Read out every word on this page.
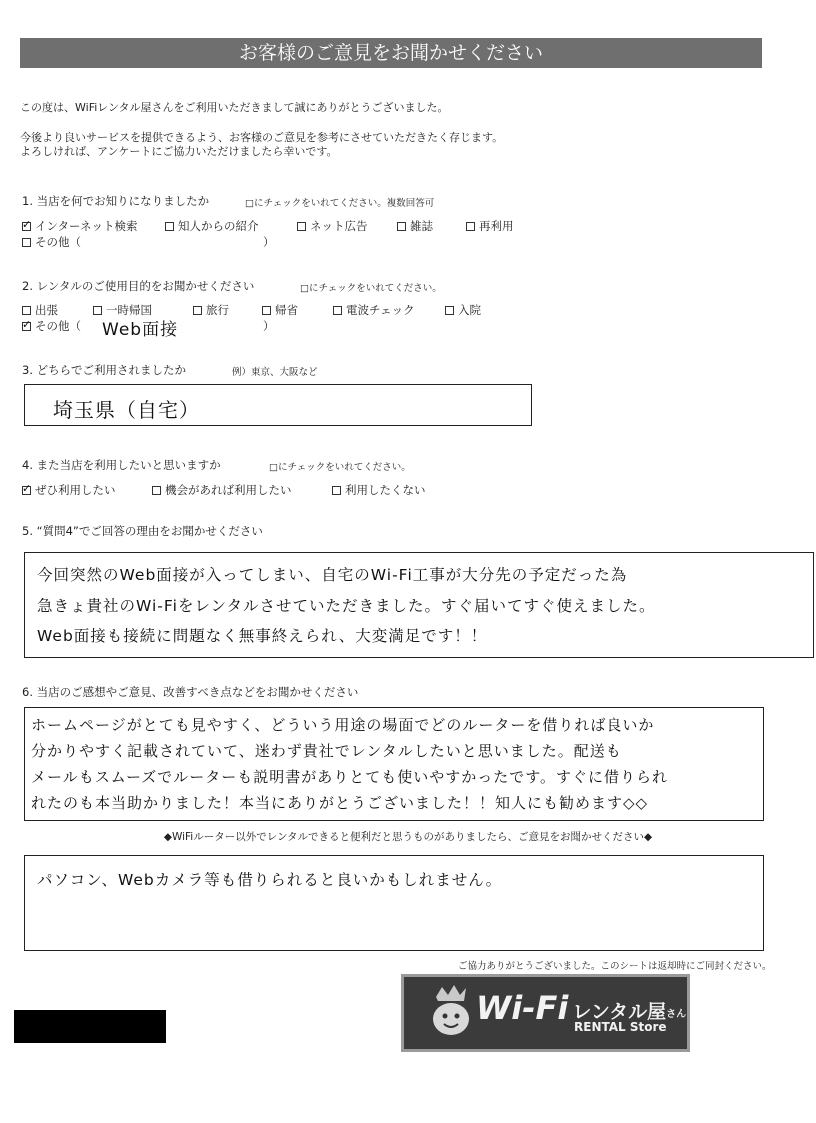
お客様のご意見をお聞かせください
この度は、WiFiレンタル屋さんをご利用いただきまして誠にありがとうございました。
今後より良いサービスを提供できるよう、お客様のご意見を参考にさせていただきたく存じます。
よろしければ、アンケートにご協力いただけましたら幸いです。
1. 当店を何でお知りになりましたか	□にチェックをいれてください。複数回答可
✓
インターネット検索	知人からの紹介	ネット広告	雑誌	再利用
その他（	）
2. レンタルのご使用目的をお聞かせください	□にチェックをいれてください。
出張	一時帰国	旅行	帰省	電波チェック	入院
✓
その他（ Web面接	）
3. どちらでご利用されましたか	例）東京、大阪など
埼玉県（自宅）
4. また当店を利用したいと思いますか	□にチェックをいれてください。
✓
ぜひ利用したい	機会があれば利用したい	利用したくない
5. “質問4”でご回答の理由をお聞かせください
今回突然のWeb面接が入ってしまい、自宅のWi-Fi工事が大分先の予定だった為
急きょ貴社のWi-Fiをレンタルさせていただきました。すぐ届いてすぐ使えました。
Web面接も接続に問題なく無事終えられ、大変満足です！！
6. 当店のご感想やご意見、改善すべき点などをお聞かせください
ホームページがとても見やすく、どういう用途の場面でどのルーターを借りれば良いか
分かりやすく記載されていて、迷わず貴社でレンタルしたいと思いました。配送も
メールもスムーズでルーターも説明書がありとても使いやすかったです。すぐに借りられ
れたのも本当助かりました！本当にありがとうございました！！知人にも勧めます◇◇
◆WiFiルーター以外でレンタルできると便利だと思うものがありましたら、ご意見をお聞かせください◆
パソコン、Webカメラ等も借りられると良いかもしれません。
ご協力ありがとうございました。このシートは返却時にご同封ください。
Wi-Fi レンタル屋 さん
RENTAL Store
